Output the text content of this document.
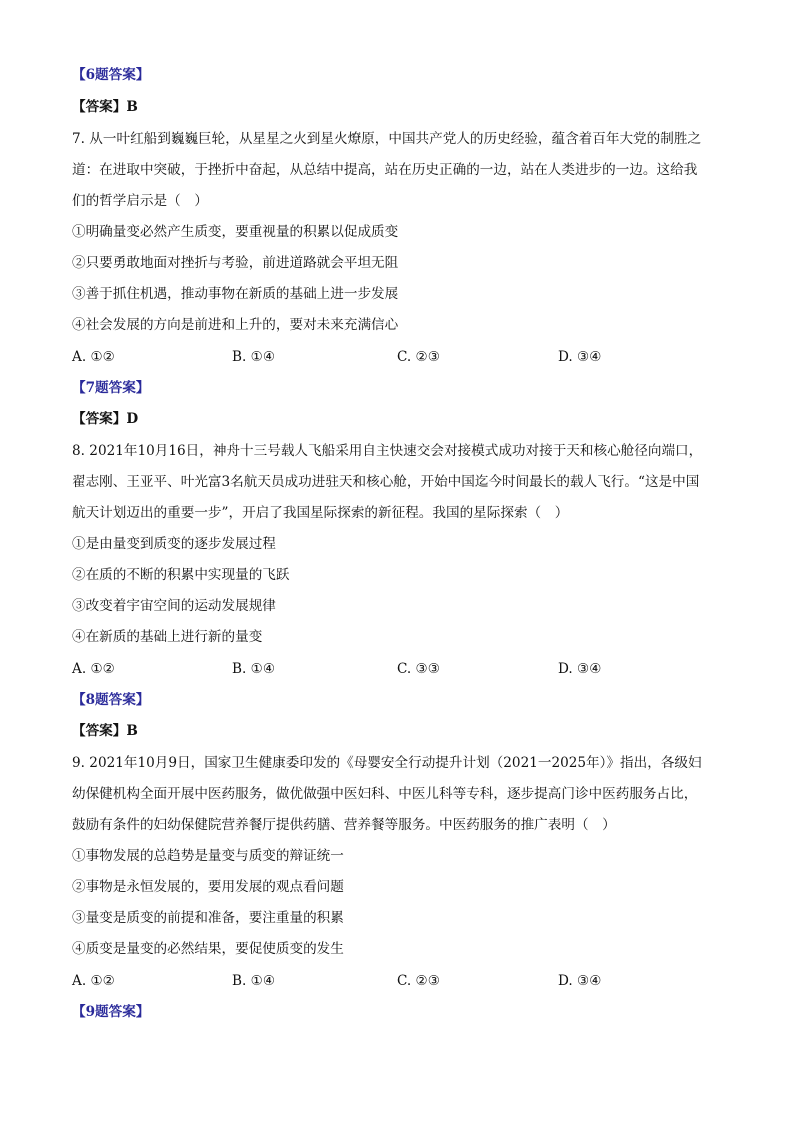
【6题答案】
【答案】B
7. 从一叶红船到巍巍巨轮，从星星之火到星火燎原，中国共产党人的历史经验，蕴含着百年大党的制胜之
道：在进取中突破，于挫折中奋起，从总结中提高，站在历史正确的一边，站在人类进步的一边。这给我
们的哲学启示是（　）
①明确量变必然产生质变，要重视量的积累以促成质变
②只要勇敢地面对挫折与考验，前进道路就会平坦无阻
③善于抓住机遇，推动事物在新质的基础上进一步发展
④社会发展的方向是前进和上升的，要对未来充满信心
A. ①②	B. ①④	C. ②③	D. ③④
【7题答案】
【答案】D
8. 2021年10月16日，神舟十三号载人飞船采用自主快速交会对接模式成功对接于天和核心舱径向端口，
翟志刚、王亚平、叶光富3名航天员成功进驻天和核心舱，开始中国迄今时间最长的载人飞行。“这是中国
航天计划迈出的重要一步”，开启了我国星际探索的新征程。我国的星际探索（　）
①是由量变到质变的逐步发展过程
②在质的不断的积累中实现量的飞跃
③改变着宇宙空间的运动发展规律
④在新质的基础上进行新的量变
A. ①②	B. ①④	C. ③③	D. ③④
【8题答案】
【答案】B
9. 2021年10月9日，国家卫生健康委印发的《母婴安全行动提升计划（2021一2025年）》指出，各级妇
幼保健机构全面开展中医药服务，做优做强中医妇科、中医儿科等专科，逐步提高门诊中医药服务占比，
鼓励有条件的妇幼保健院营养餐厅提供药膳、营养餐等服务。中医药服务的推广表明（　）
①事物发展的总趋势是量变与质变的辩证统一
②事物是永恒发展的，要用发展的观点看问题
③量变是质变的前提和准备，要注重量的积累
④质变是量变的必然结果，要促使质变的发生
A. ①②	B. ①④	C. ②③	D. ③④
【9题答案】
